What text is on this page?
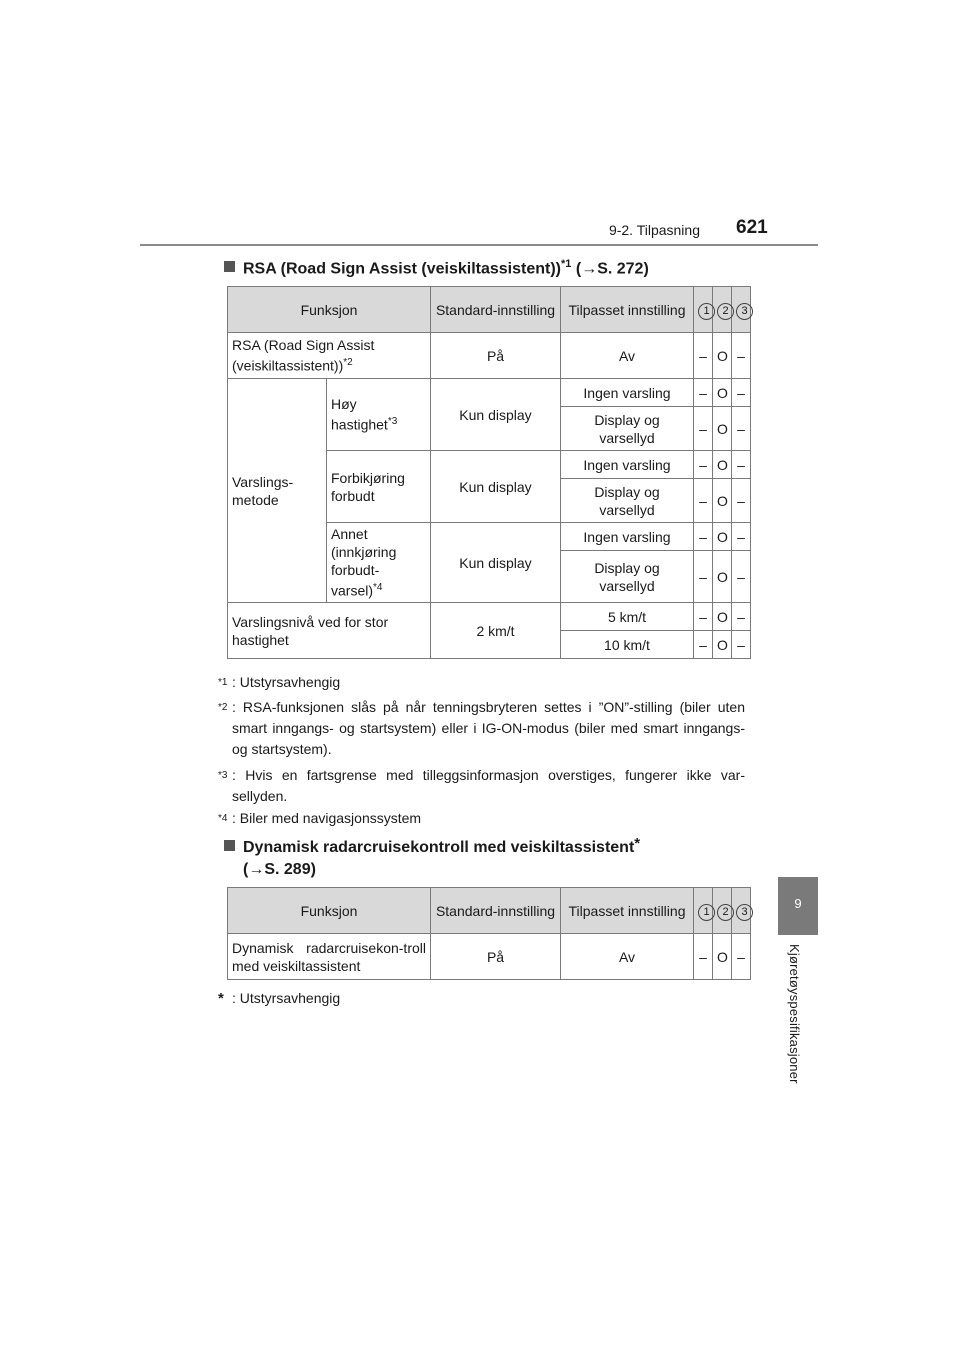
9-2. Tilpasning 621
9
Kjøretøyspesifikasjoner
RSA (Road Sign Assist (veiskiltassistent))$^{*1}$ (→S. 272)
Funksjon		Standard-innstilling	Tilpasset innstilling	1	2	3
RSA (Road Sign Assist (veiskiltassistent))$^{*2}$		På	Av	–	O	–
Varslings-metode	Høy hastighet$^{*3}$	Kun display	Ingen varsling	–	O	–
			Display og varsellyd	–	O	–
	Forbikjøring forbudt	Kun display	Ingen varsling	–	O	–
			Display og varsellyd	–	O	–
	Annet (innkjøring forbudt-varsel)$^{*4}$	Kun display	Ingen varsling	–	O	–
			Display og varsellyd	–	O	–
Varslingsnivå ved for stor hastighet		2 km/t	5 km/t	–	O	–
			10 km/t	–	O	–
*1 : Utstyrsavhengig
*2 : RSA-funksjonen slås på når tenningsbryteren settes i ”ON”-stilling (biler uten smart inngangs- og startsystem) eller i IG-ON-modus (biler med smart inngangs- og startsystem).
*3 : Hvis en fartsgrense med tilleggsinformasjon overstiges, fungerer ikke var-sellyden.
*4 : Biler med navigasjonssystem
Dynamisk radarcruisekontroll med veiskiltassistent*
(→S. 289)
Funksjon	Standard-innstilling	Tilpasset innstilling	1	2	3
Dynamisk radarcruisekon-troll med veiskiltassistent	På	Av	–	O	–
* : Utstyrsavhengig
